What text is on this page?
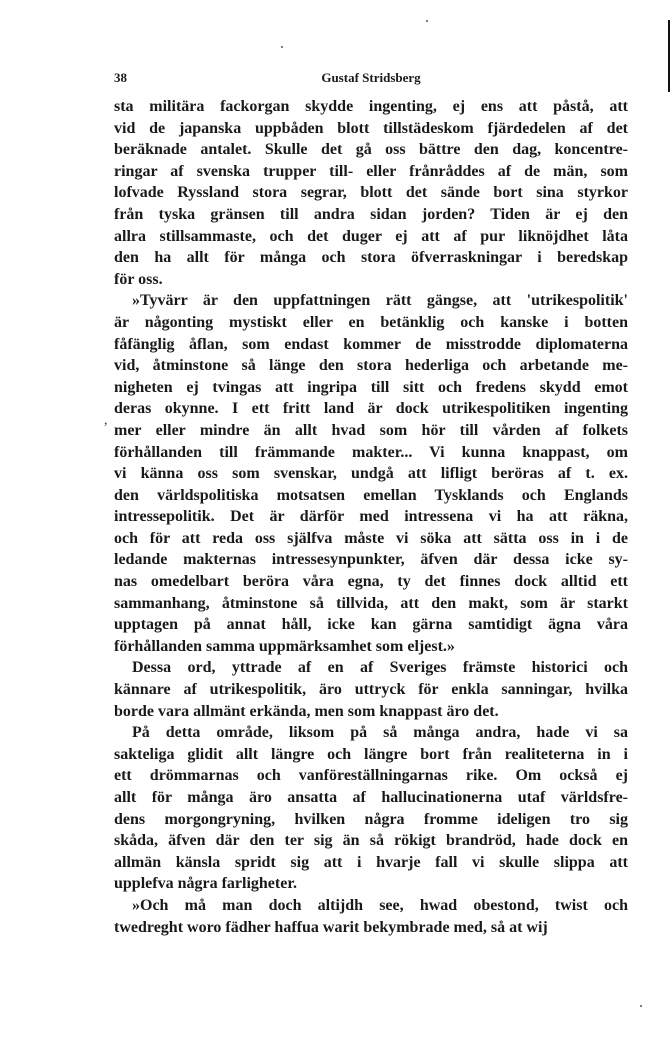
38	Gustaf Stridsberg
,
sta militära fackorgan skydde ingenting, ej ens att påstå, att
vid de japanska uppbåden blott tillstädeskom fjärdedelen af det
beräknade antalet. Skulle det gå oss bättre den dag, koncentre-
ringar af svenska trupper till- eller frånråddes af de män, som
lofvade Ryssland stora segrar, blott det sände bort sina styrkor
från tyska gränsen till andra sidan jorden? Tiden är ej den
allra stillsammaste, och det duger ej att af pur liknöjdhet låta
den ha allt för många och stora öfverraskningar i beredskap
för oss.
»Tyvärr är den uppfattningen rätt gängse, att 'utrikespolitik'
är någonting mystiskt eller en betänklig och kanske i botten
fåfänglig åflan, som endast kommer de misstrodde diplomaterna
vid, åtminstone så länge den stora hederliga och arbetande me-
nigheten ej tvingas att ingripa till sitt och fredens skydd emot
deras okynne. I ett fritt land är dock utrikespolitiken ingenting
mer eller mindre än allt hvad som hör till vården af folkets
förhållanden till främmande makter... Vi kunna knappast, om
vi känna oss som svenskar, undgå att lifligt beröras af t. ex.
den världspolitiska motsatsen emellan Tysklands och Englands
intressepolitik. Det är därför med intressena vi ha att räkna,
och för att reda oss själfva måste vi söka att sätta oss in i de
ledande makternas intressesynpunkter, äfven där dessa icke sy-
nas omedelbart beröra våra egna, ty det finnes dock alltid ett
sammanhang, åtminstone så tillvida, att den makt, som är starkt
upptagen på annat håll, icke kan gärna samtidigt ägna våra
förhållanden samma uppmärksamhet som eljest.»
Dessa ord, yttrade af en af Sveriges främste historici och
kännare af utrikespolitik, äro uttryck för enkla sanningar, hvilka
borde vara allmänt erkända, men som knappast äro det.
På detta område, liksom på så många andra, hade vi sa
sakteliga glidit allt längre och längre bort från realiteterna in i
ett drömmarnas och vanföreställningarnas rike. Om också ej
allt för många äro ansatta af hallucinationerna utaf världsfre-
dens morgongryning, hvilken några fromme ideligen tro sig
skåda, äfven där den ter sig än så rökigt brandröd, hade dock en
allmän känsla spridt sig att i hvarje fall vi skulle slippa att
upplefva några farligheter.
»Och må man doch altijdh see, hwad obestond, twist och
twedreght woro fädher haffua warit bekymbrade med, så at wij
